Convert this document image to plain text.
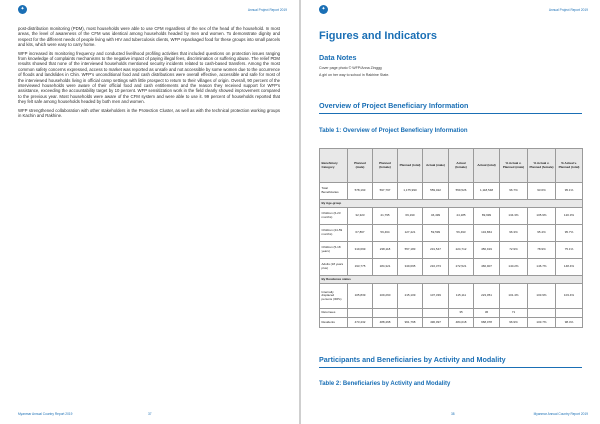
✦	Annual Project Report 2019

post-distribution monitoring (PDM), most households were able to use CFM regardless of the sex of the head of the household. In most areas, the level of awareness of the CFM was identical among households headed by men and women. To demonstrate dignity and respect for the different needs of people living with HIV and tuberculosis clients, WFP repackaged food for these groups into small parcels and kits, which were easy to carry home.

WFP increased its monitoring frequency and conducted livelihood profiling activities that included questions on protection issues ranging from knowledge of complaints mechanisms to the negative impact of paying illegal fees, discrimination or suffering abuse. The relief PDM results showed that none of the interviewed households mentioned security incidents related to cash-based transfers. Among the most common safety concerns expressed, access to market was reported as unsafe and not accessible by some women due to the occurrence of floods and landslides in Chin. WFP's unconditional food and cash distributions were overall effective, accessible and safe for most of the interviewed households living in official camp settings with little prospect to return to their villages of origin. Overall, 90 percent of the interviewed households were aware of their official food and cash entitlements and the reason they received support for WFP's assistance, exceeding the accountability target by 10 percent. WFP sensitization work in the field clearly showed improvement compared to the previous year. Most households were aware of the CFM system and were able to use it. 99 percent of households reported that they felt safe among households headed by both men and women.

WFP strengthened collaboration with other stakeholders in the Protection Cluster, as well as with the technical protection working groups in Kachin and Rakhine.

Myanmar Annual Country Report 2019	37
✦	Annual Project Report 2019
Figures and Indicators
Data Notes
Cover page photo © WFP/Anna Zinggg
A girl on her way to school in Rakhine State.
Overview of Project Beneficiary Information
Table 1: Overview of Project Beneficiary Information
Beneficiary Category	Planned (male)	Planned (female)	Planned (total)	Actual (male)	Actual (female)	Actual (total)	% Actual v. Planned (male)	% Actual v. Planned (female)	% Actual v. Planned (total)
Total Beneficiaries	578,193	597,797	1,175,990	559,022	559,526	1,118,548	96.7%	93.6%	95.1%
By Age-group									
Children (6-23 months)	32,323	41,795	69,190	46,499	44,185	89,999	134.3%	105.9%	120.3%
Children (24-59 months)	67,867	59,464	127,421	59,599	56,493	134,864	96.3%	95.4%	95.7%
Children (5-18 years)	319,699	238,118	557,183	231,547	224,712	456,919	72.9%	78.9%	75.1%
Adults (18 years plus)	193,775	184,321	349,695	216,373	272,521	466,907	140.2%	146.7%	148.4%
By Residence status									
Internally displaced persons (IDPs)	105,839	109,260	215,109	107,339	115,111	223,051	101.4%	103.9%	103.4%
Returnees					35	36	71		
Residents	473,432	488,468	961,768	496,097	484,018	968,078	96.9%	103.7%	98.4%
Participants and Beneficiaries by Activity and Modality
Table 2: Beneficiaries by Activity and Modality
38	Myanmar Annual Country Report 2019
